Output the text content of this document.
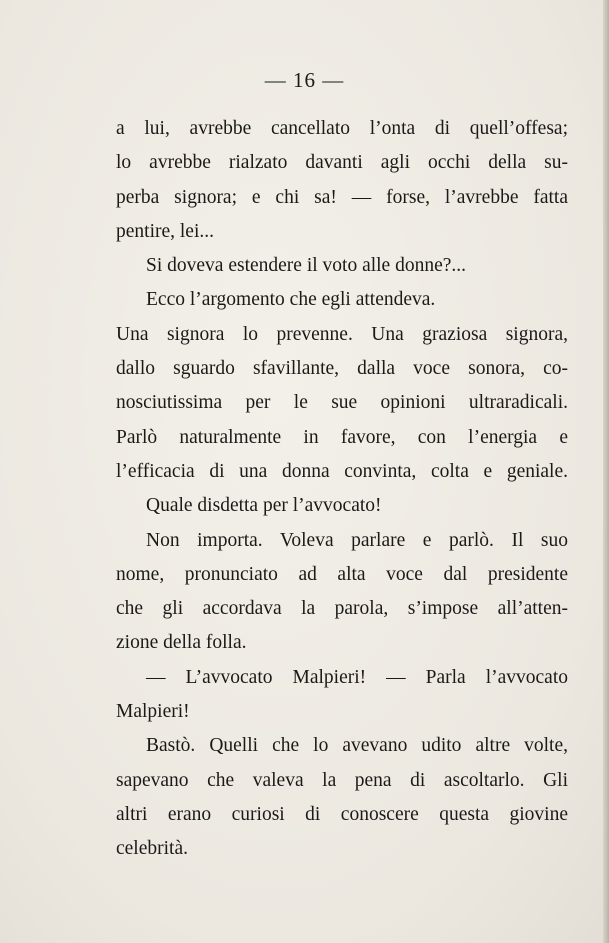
— 16 —
a lui, avrebbe cancellato l’onta di quell’offesa;
lo avrebbe rialzato davanti agli occhi della su-
perba signora; e chi sa! — forse, l’avrebbe fatta
pentire, lei...
Si doveva estendere il voto alle donne?...
Ecco l’argomento che egli attendeva.
Una signora lo prevenne. Una graziosa signora,
dallo sguardo sfavillante, dalla voce sonora, co-
nosciutissima per le sue opinioni ultraradicali.
Parlò naturalmente in favore, con l’energia e
l’efficacia di una donna convinta, colta e geniale.
Quale disdetta per l’avvocato!
Non importa. Voleva parlare e parlò. Il suo
nome, pronunciato ad alta voce dal presidente
che gli accordava la parola, s’impose all’atten-
zione della folla.
— L’avvocato Malpieri! — Parla l’avvocato
Malpieri!
Bastò. Quelli che lo avevano udito altre volte,
sapevano che valeva la pena di ascoltarlo. Gli
altri erano curiosi di conoscere questa giovine
celebrità.
